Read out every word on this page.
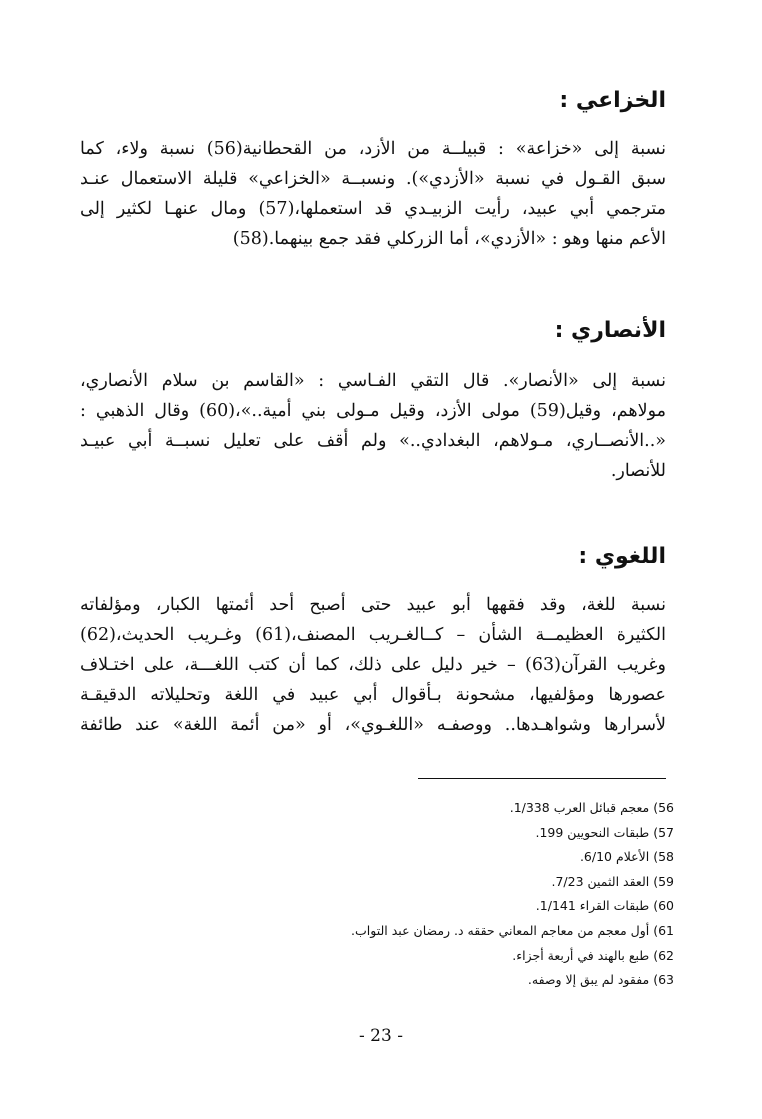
الخزاعي :
نسبة إلى «خزاعة» : قبيلــة من الأزد، من القحطانية(56) نسبة ولاء، كما
سبق القـول في نسبة «الأزدي»). ونسبــة «الخزاعي» قليلة الاستعمال عنـد
مترجمي أبي عبيد، رأيت الزبيـدي قد استعملها،(57) ومال عنهـا لكثير إلى
الأعم منها وهو : «الأزدي»، أما الزركلي فقد جمع بينهما.(58)
الأنصاري :
نسبة إلى «الأنصار». قال التقي الفـاسي : «القاسم بن سلام الأنصاري،
مولاهم، وقيل(59) مولى الأزد، وقيل مـولى بني أمية..»،(60) وقال الذهبي :
«..الأنصــاري، مـولاهم، البغدادي..» ولم أقف على تعليل نسبــة أبي عبيـد
للأنصار.
اللغوي :
نسبة للغة، وقد فقهها أبو عبيد حتى أصبح أحد أئمتها الكبار، ومؤلفاته
الكثيرة العظيمــة الشأن – كــالغـريب المصنف،(61) وغـريب الحديث،(62)
وغريب القرآن(63) – خير دليل على ذلك، كما أن كتب اللغـــة، على اختـلاف
عصورها ومؤلفيها، مشحونة بـأقوال أبي عبيد في اللغة وتحليلاته الدقيقـة
لأسرارها وشواهـدها.. ووصفـه «اللغـوي»، أو «من أئمة اللغة» عند طائفة
56) معجم قبائل العرب 1/338.
57) طبقات النحويين 199.
58) الأعلام 6/10.
59) العقد الثمين 7/23.
60) طبقات القراء 1/141.
61) أول معجم من معاجم المعاني حققه د. رمضان عبد التواب.
62) طبع بالهند في أربعة أجزاء.
63) مفقود لم يبق إلا وصفه.
- 23 -
